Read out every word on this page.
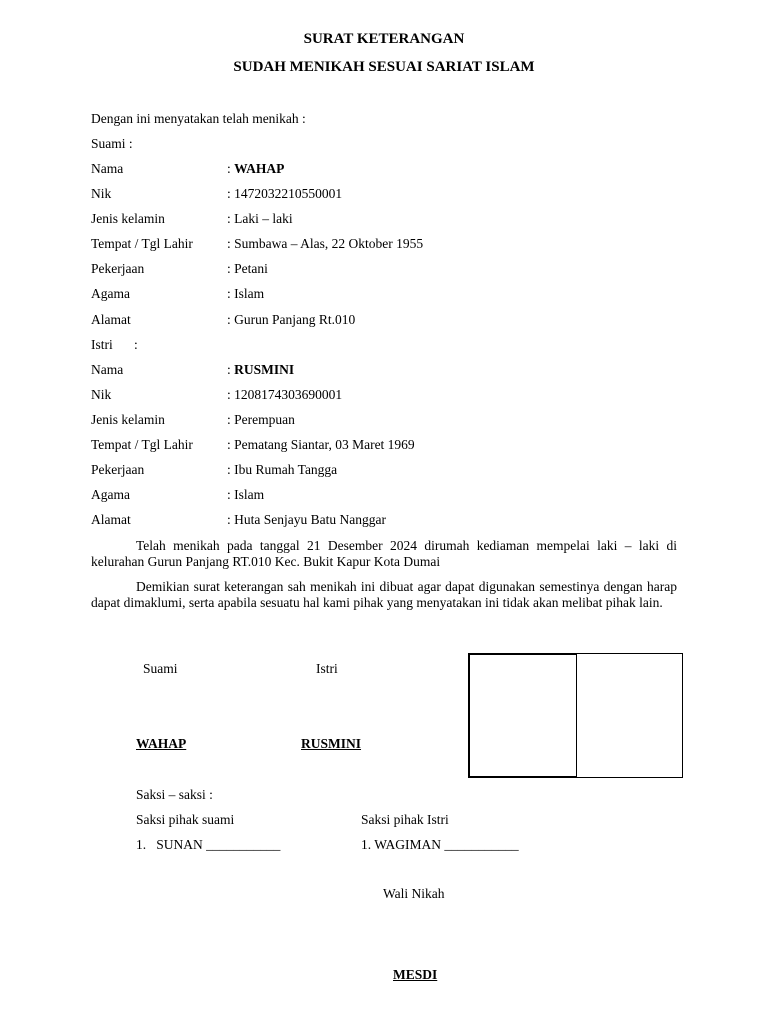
SURAT KETERANGAN
SUDAH MENIKAH SESUAI SARIAT ISLAM
Dengan ini menyatakan telah menikah :
Suami :
Nama	: WAHAP
Nik	: 1472032210550001
Jenis kelamin	: Laki – laki
Tempat / Tgl Lahir	: Sumbawa – Alas, 22 Oktober 1955
Pekerjaan	: Petani
Agama	: Islam
Alamat	: Gurun Panjang Rt.010
Istri :
Nama	: RUSMINI
Nik	: 1208174303690001
Jenis kelamin	: Perempuan
Tempat / Tgl Lahir	: Pematang Siantar, 03 Maret 1969
Pekerjaan	: Ibu Rumah Tangga
Agama	: Islam
Alamat	: Huta Senjayu Batu Nanggar
Telah menikah pada tanggal 21 Desember 2024 dirumah kediaman mempelai laki – laki di kelurahan Gurun Panjang RT.010 Kec. Bukit Kapur Kota Dumai
Demikian surat keterangan sah menikah ini dibuat agar dapat digunakan semestinya dengan harap dapat dimaklumi, serta apabila sesuatu hal kami pihak yang menyatakan ini tidak akan melibat pihak lain.
Suami	Istri
WAHAP	RUSMINI
Saksi – saksi :
Saksi pihak suami	Saksi pihak Istri
1.   SUNAN ___________	1. WAGIMAN ___________
Wali Nikah
MESDI
